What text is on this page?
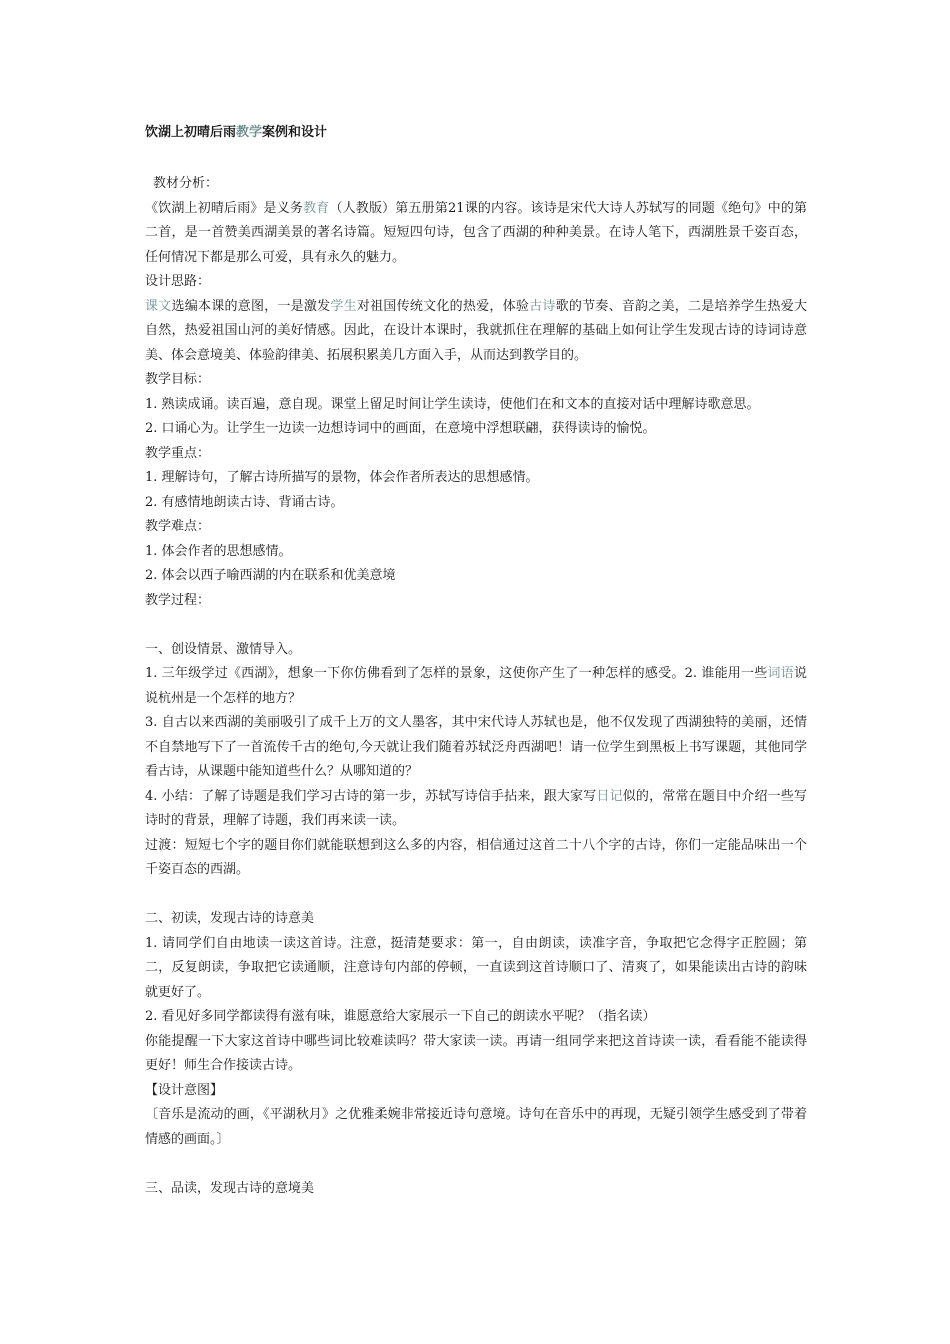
饮湖上初晴后雨教学案例和设计

教材分析：

《饮湖上初晴后雨》是义务教育（人教版）第五册第21课的内容。该诗是宋代大诗人苏轼写的同题《绝句》中的第二首，是一首赞美西湖美景的著名诗篇。短短四句诗，包含了西湖的种种美景。在诗人笔下，西湖胜景千姿百态，任何情况下都是那么可爱，具有永久的魅力。

设计思路：

课文选编本课的意图，一是激发学生对祖国传统文化的热爱，体验古诗歌的节奏、音韵之美，二是培养学生热爱大自然，热爱祖国山河的美好情感。因此，在设计本课时，我就抓住在理解的基础上如何让学生发现古诗的诗词诗意美、体会意境美、体验韵律美、拓展积累美几方面入手，从而达到教学目的。

教学目标：

1. 熟读成诵。读百遍，意自现。课堂上留足时间让学生读诗，使他们在和文本的直接对话中理解诗歌意思。

2. 口诵心为。让学生一边读一边想诗词中的画面，在意境中浮想联翩，获得读诗的愉悦。

教学重点：

1. 理解诗句，了解古诗所描写的景物，体会作者所表达的思想感情。

2. 有感情地朗读古诗、背诵古诗。

教学难点：

1. 体会作者的思想感情。

2. 体会以西子喻西湖的内在联系和优美意境

教学过程：

一、创设情景、激情导入。

1. 三年级学过《西湖》，想象一下你仿佛看到了怎样的景象，这使你产生了一种怎样的感受。2. 谁能用一些词语说说杭州是一个怎样的地方？

3. 自古以来西湖的美丽吸引了成千上万的文人墨客，其中宋代诗人苏轼也是，他不仅发现了西湖独特的美丽，还情不自禁地写下了一首流传千古的绝句,今天就让我们随着苏轼泛舟西湖吧！请一位学生到黑板上书写课题，其他同学看古诗，从课题中能知道些什么？从哪知道的？

4. 小结：了解了诗题是我们学习古诗的第一步，苏轼写诗信手拈来，跟大家写日记似的，常常在题目中介绍一些写诗时的背景，理解了诗题，我们再来读一读。

过渡：短短七个字的题目你们就能联想到这么多的内容，相信通过这首二十八个字的古诗，你们一定能品味出一个千姿百态的西湖。

二、初读，发现古诗的诗意美

1. 请同学们自由地读一读这首诗。注意，挺清楚要求：第一，自由朗读，读准字音，争取把它念得字正腔圆；第二，反复朗读，争取把它读通顺，注意诗句内部的停顿，一直读到这首诗顺口了、清爽了，如果能读出古诗的韵味就更好了。

2. 看见好多同学都读得有滋有味，谁愿意给大家展示一下自己的朗读水平呢？（指名读）

你能提醒一下大家这首诗中哪些词比较难读吗？带大家读一读。再请一组同学来把这首诗读一读，看看能不能读得更好！师生合作接读古诗。

【设计意图】

〔音乐是流动的画，《平湖秋月》之优雅柔婉非常接近诗句意境。诗句在音乐中的再现，无疑引领学生感受到了带着情感的画面。〕

三、品读，发现古诗的意境美
